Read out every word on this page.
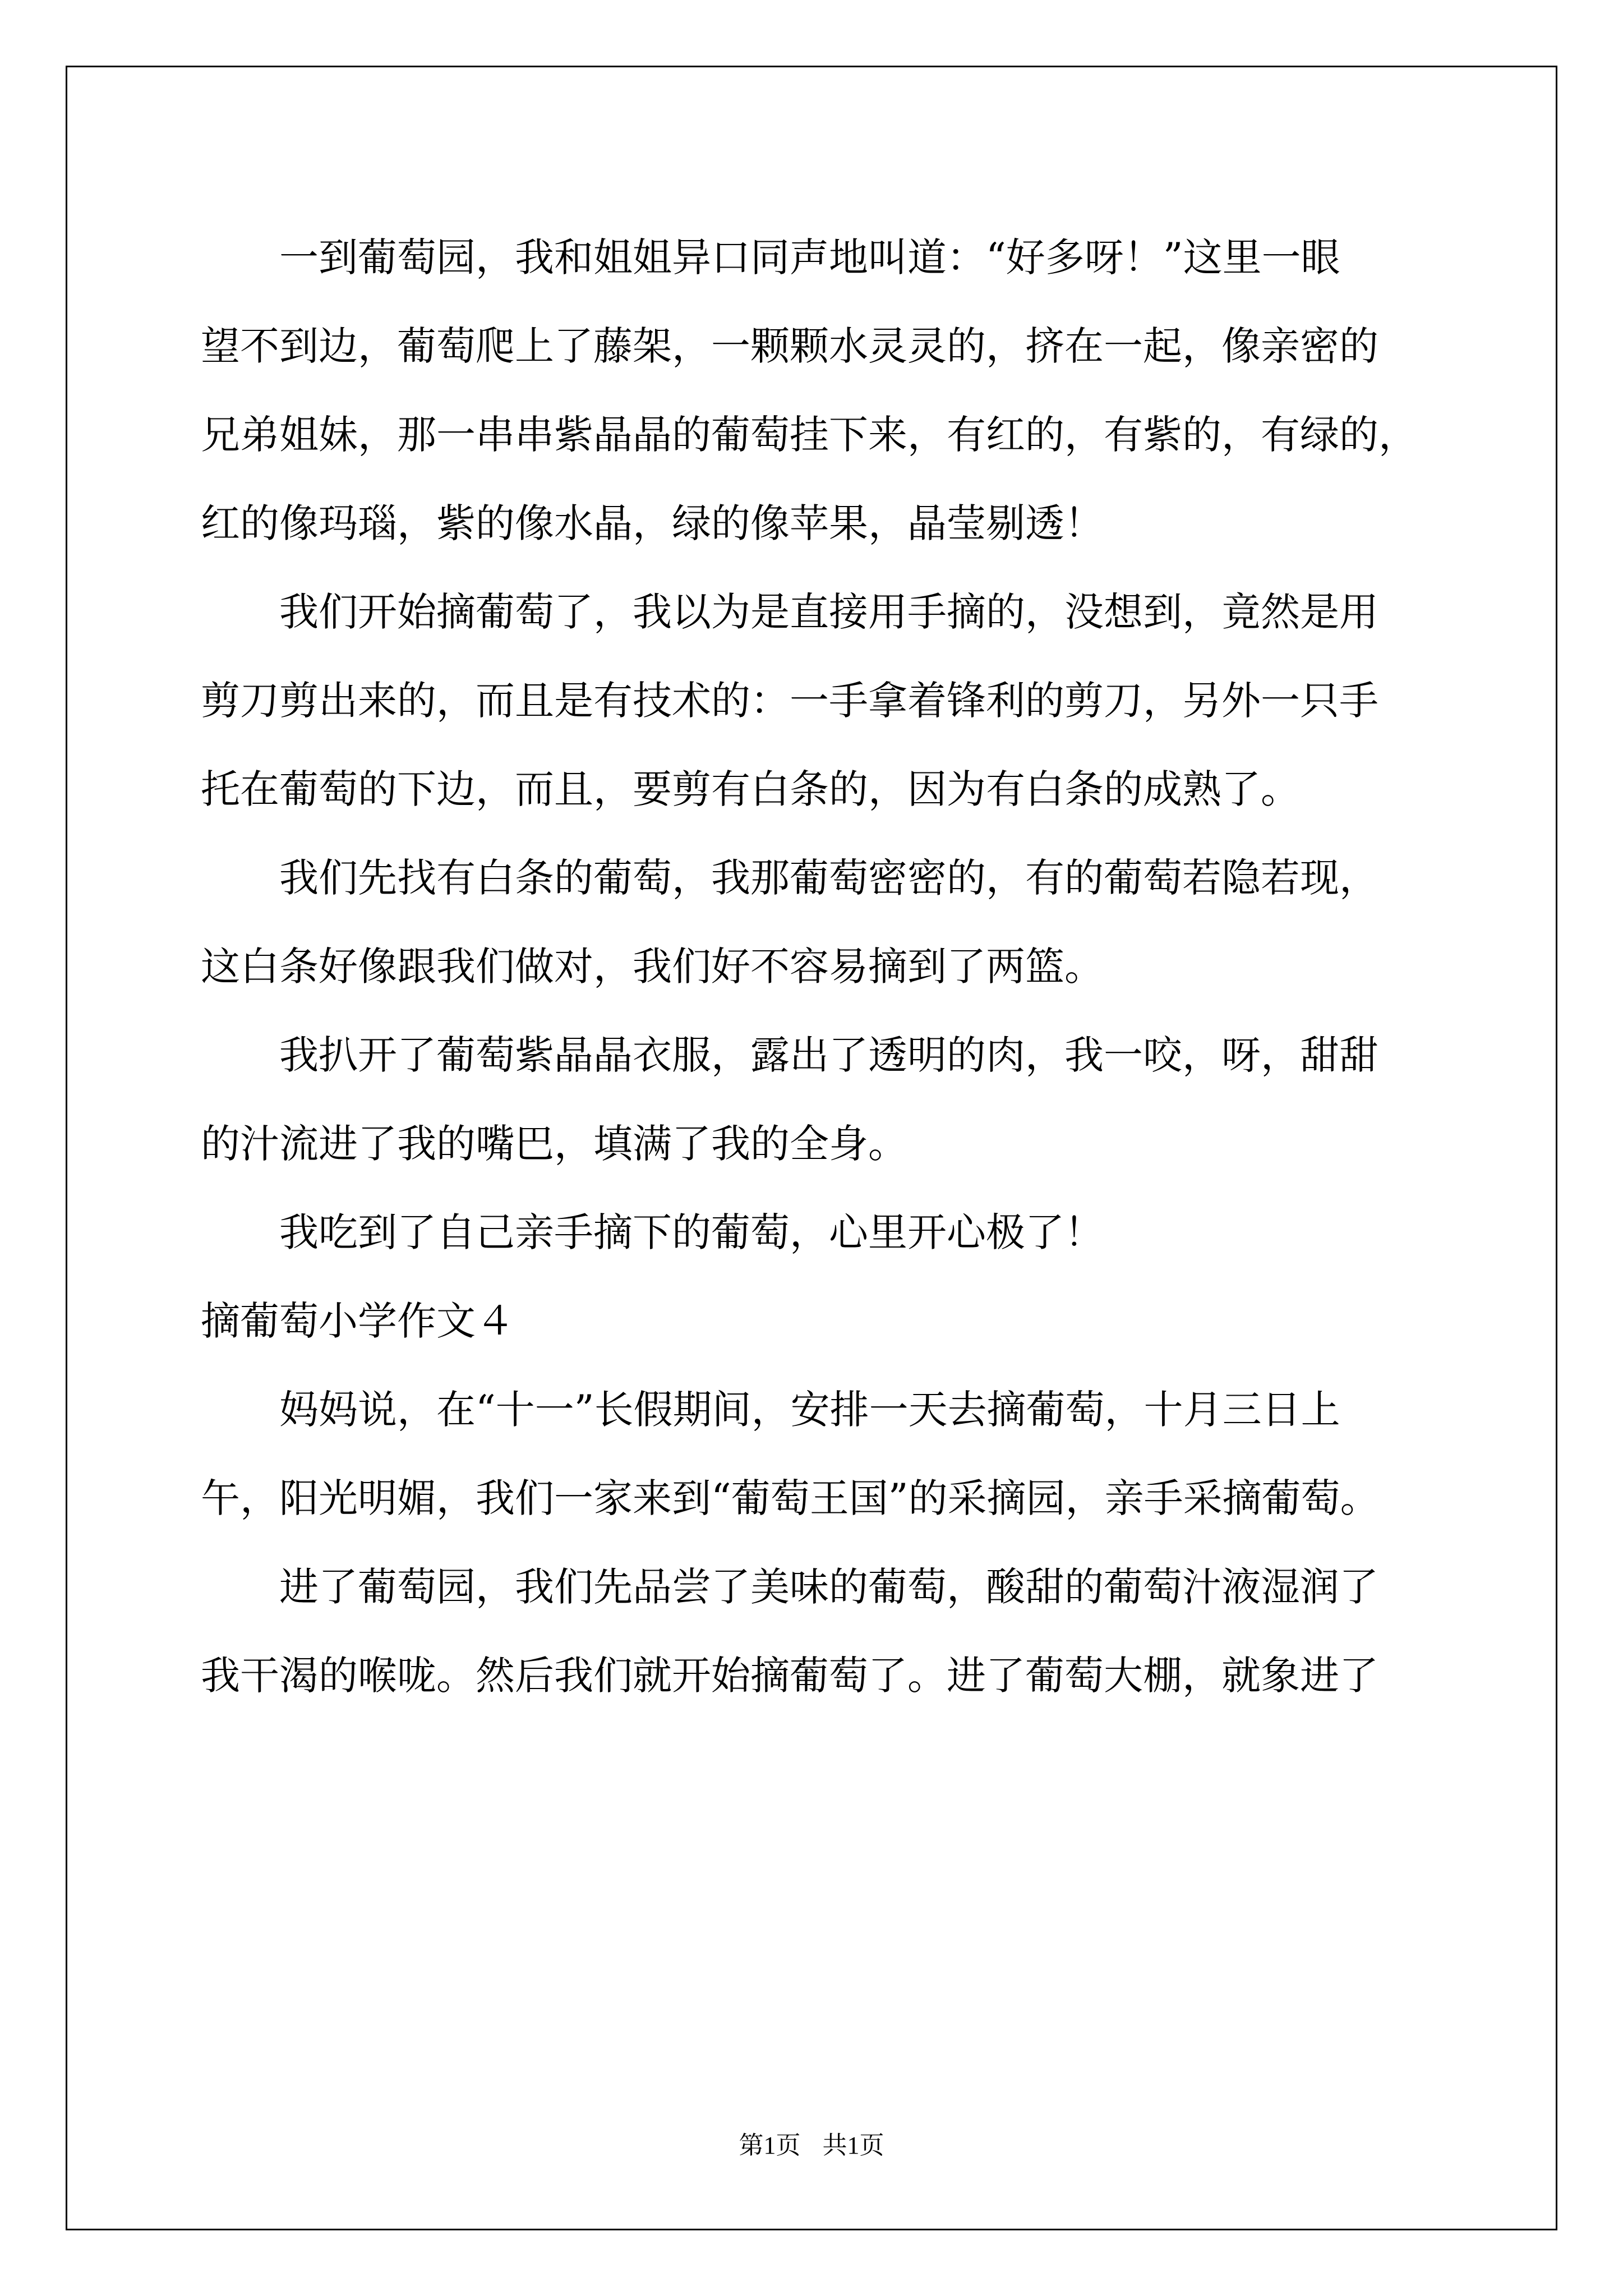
一到葡萄园，我和姐姐异口同声地叫道：“好多呀！”这里一眼
望不到边，葡萄爬上了藤架，一颗颗水灵灵的，挤在一起，像亲密的
兄弟姐妹，那一串串紫晶晶的葡萄挂下来，有红的，有紫的，有绿的，
红的像玛瑙，紫的像水晶，绿的像苹果，晶莹剔透！

我们开始摘葡萄了，我以为是直接用手摘的，没想到，竟然是用
剪刀剪出来的，而且是有技术的：一手拿着锋利的剪刀，另外一只手
托在葡萄的下边，而且，要剪有白条的，因为有白条的成熟了。

我们先找有白条的葡萄，我那葡萄密密的，有的葡萄若隐若现，
这白条好像跟我们做对，我们好不容易摘到了两篮。

我扒开了葡萄紫晶晶衣服，露出了透明的肉，我一咬，呀，甜甜
的汁流进了我的嘴巴，填满了我的全身。

我吃到了自己亲手摘下的葡萄，心里开心极了！

摘葡萄小学作文４

妈妈说，在“十一”长假期间，安排一天去摘葡萄，十月三日上
午，阳光明媚，我们一家来到“葡萄王国”的采摘园，亲手采摘葡萄。

进了葡萄园，我们先品尝了美味的葡萄，酸甜的葡萄汁液湿润了
我干渴的喉咙。然后我们就开始摘葡萄了。进了葡萄大棚，就象进了

第1页 共1页
